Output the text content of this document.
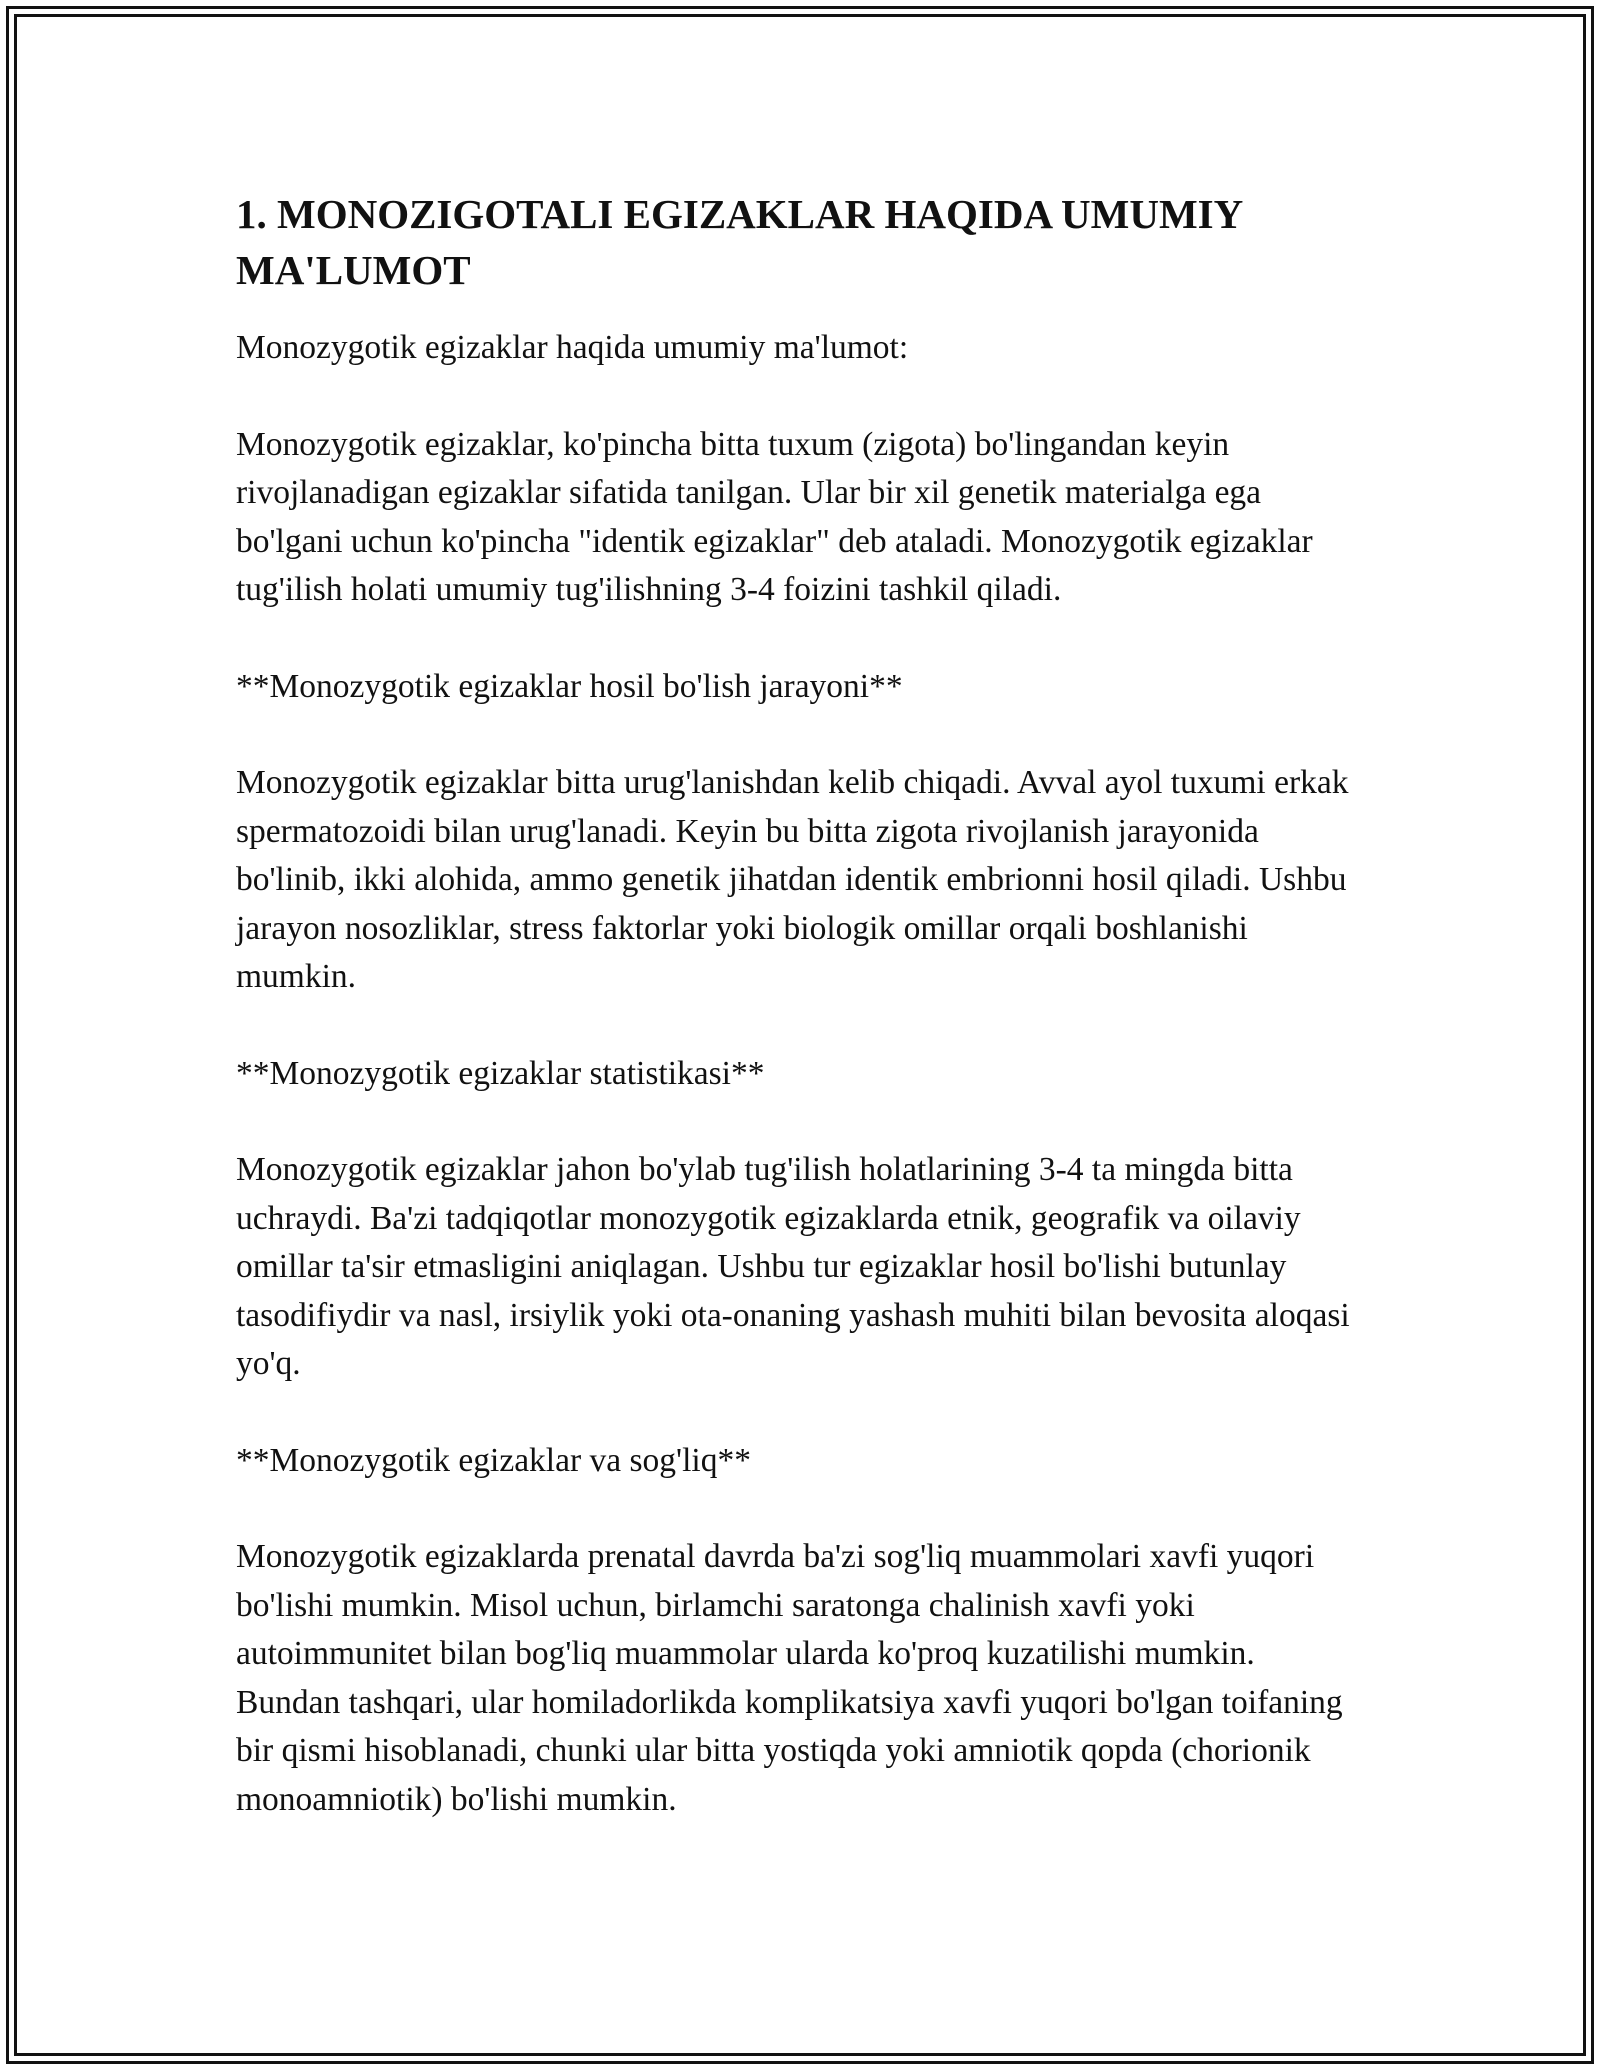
1. MONOZIGOTALI EGIZAKLAR HAQIDA UMUMIY MA'LUMOT

Monozygotik egizaklar haqida umumiy ma'lumot:

Monozygotik egizaklar, ko'pincha bitta tuxum (zigota) bo'lingandan keyin rivojlanadigan egizaklar sifatida tanilgan. Ular bir xil genetik materialga ega bo'lgani uchun ko'pincha "identik egizaklar" deb ataladi. Monozygotik egizaklar tug'ilish holati umumiy tug'ilishning 3-4 foizini tashkil qiladi.

**Monozygotik egizaklar hosil bo'lish jarayoni**

Monozygotik egizaklar bitta urug'lanishdan kelib chiqadi. Avval ayol tuxumi erkak spermatozoidi bilan urug'lanadi. Keyin bu bitta zigota rivojlanish jarayonida bo'linib, ikki alohida, ammo genetik jihatdan identik embrionni hosil qiladi. Ushbu jarayon nosozliklar, stress faktorlar yoki biologik omillar orqali boshlanishi mumkin.

**Monozygotik egizaklar statistikasi**

Monozygotik egizaklar jahon bo'ylab tug'ilish holatlarining 3-4 ta mingda bitta uchraydi. Ba'zi tadqiqotlar monozygotik egizaklarda etnik, geografik va oilaviy omillar ta'sir etmasligini aniqlagan. Ushbu tur egizaklar hosil bo'lishi butunlay tasodifiydir va nasl, irsiylik yoki ota-onaning yashash muhiti bilan bevosita aloqasi yo'q.

**Monozygotik egizaklar va sog'liq**

Monozygotik egizaklarda prenatal davrda ba'zi sog'liq muammolari xavfi yuqori bo'lishi mumkin. Misol uchun, birlamchi saratonga chalinish xavfi yoki autoimmunitet bilan bog'liq muammolar ularda ko'proq kuzatilishi mumkin. Bundan tashqari, ular homiladorlikda komplikatsiya xavfi yuqori bo'lgan toifaning bir qismi hisoblanadi, chunki ular bitta yostiqda yoki amniotik qopda (chorionik monoamniotik) bo'lishi mumkin.
